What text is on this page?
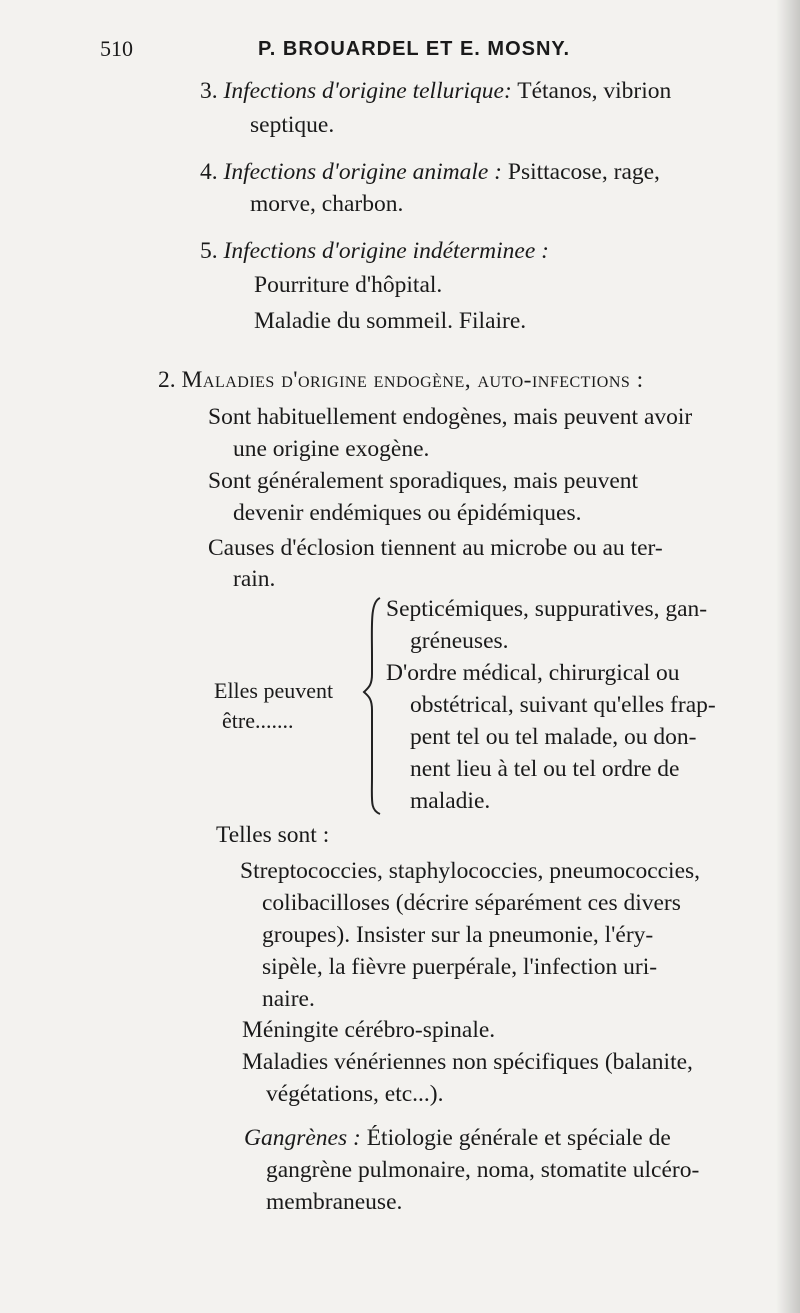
510	P. BROUARDEL ET E. MOSNY.
3. Infections d'origine tellurique: Tétanos, vibrion
septique.
4. Infections d'origine animale : Psittacose, rage,
morve, charbon.
5. Infections d'origine indéterminee :
Pourriture d'hôpital.
Maladie du sommeil. Filaire.
2. Maladies d'origine endogène, auto-infections :
Sont habituellement endogènes, mais peuvent avoir
une origine exogène.
Sont généralement sporadiques, mais peuvent
devenir endémiques ou épidémiques.
Causes d'éclosion tiennent au microbe ou au ter-
rain.
Elles peuvent
être.......
Septicémiques, suppuratives, gan-
gréneuses.
D'ordre médical, chirurgical ou
obstétrical, suivant qu'elles frap-
pent tel ou tel malade, ou don-
nent lieu à tel ou tel ordre de
maladie.
Telles sont :
Streptococcies, staphylococcies, pneumococcies,
colibacilloses (décrire séparément ces divers
groupes). Insister sur la pneumonie, l'éry-
sipèle, la fièvre puerpérale, l'infection uri-
naire.
Méningite cérébro-spinale.
Maladies vénériennes non spécifiques (balanite,
végétations, etc...).
Gangrènes : Étiologie générale et spéciale de
gangrène pulmonaire, noma, stomatite ulcéro-
membraneuse.
